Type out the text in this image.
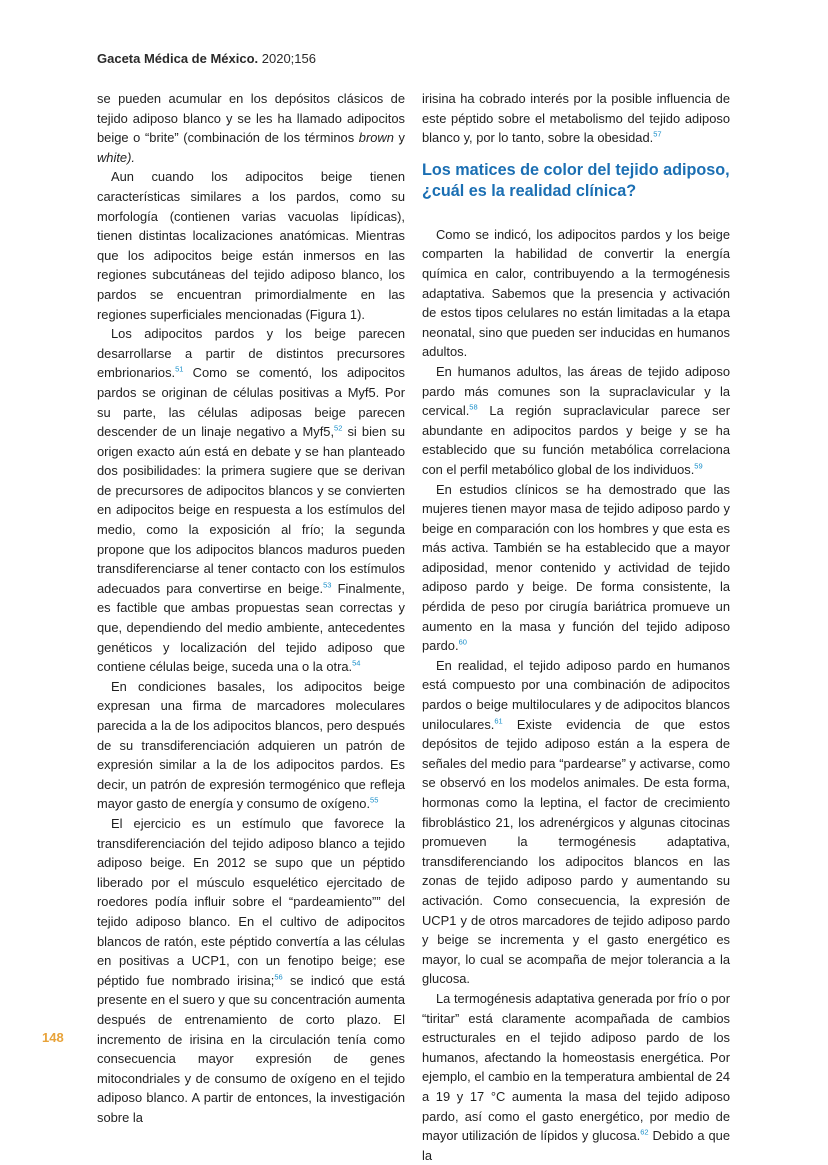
Gaceta Médica de México. 2020;156

se pueden acumular en los depósitos clásicos de tejido adiposo blanco y se les ha llamado adipocitos beige o “brite” (combinación de los términos brown y white).

Aun cuando los adipocitos beige tienen características similares a los pardos, como su morfología (contienen varias vacuolas lipídicas), tienen distintas localizaciones anatómicas. Mientras que los adipocitos beige están inmersos en las regiones subcutáneas del tejido adiposo blanco, los pardos se encuentran primordialmente en las regiones superficiales mencionadas (Figura 1).

Los adipocitos pardos y los beige parecen desarrollarse a partir de distintos precursores embrionarios.$^{51}$ Como se comentó, los adipocitos pardos se originan de células positivas a Myf5. Por su parte, las células adiposas beige parecen descender de un linaje negativo a Myf5,52 si bien su origen exacto aún está en debate y se han planteado dos posibilidades: la primera sugiere que se derivan de precursores de adipocitos blancos y se convierten en adipocitos beige en respuesta a los estímulos del medio, como la exposición al frío; la segunda propone que los adipocitos blancos maduros pueden transdiferenciarse al tener contacto con los estímulos adecuados para convertirse en beige.$^{53}$ Finalmente, es factible que ambas propuestas sean correctas y que, dependiendo del medio ambiente, antecedentes genéticos y localización del tejido adiposo que contiene células beige, suceda una o la otra.$^{54}$

En condiciones basales, los adipocitos beige expresan una firma de marcadores moleculares parecida a la de los adipocitos blancos, pero después de su transdiferenciación adquieren un patrón de expresión similar a la de los adipocitos pardos. Es decir, un patrón de expresión termogénico que refleja mayor gasto de energía y consumo de oxígeno.$^{55}$

El ejercicio es un estímulo que favorece la transdiferenciación del tejido adiposo blanco a tejido adiposo beige. En 2012 se supo que un péptido liberado por el músculo esquelético ejercitado de roedores podía influir sobre el “pardeamiento”” del tejido adiposo blanco. En el cultivo de adipocitos blancos de ratón, este péptido convertía a las células en positivas a UCP1, con un fenotipo beige; ese péptido fue nombrado irisina;$^{56}$ se indicó que está presente en el suero y que su concentración aumenta después de entrenamiento de corto plazo. El incremento de irisina en la circulación tenía como consecuencia mayor expresión de genes mitocondriales y de consumo de oxígeno en el tejido adiposo blanco. A partir de entonces, la investigación sobre la

irisina ha cobrado interés por la posible influencia de este péptido sobre el metabolismo del tejido adiposo blanco y, por lo tanto, sobre la obesidad.$^{57}$

Los matices de color del tejido adiposo, ¿cuál es la realidad clínica?

Como se indicó, los adipocitos pardos y los beige comparten la habilidad de convertir la energía química en calor, contribuyendo a la termogénesis adaptativa. Sabemos que la presencia y activación de estos tipos celulares no están limitadas a la etapa neonatal, sino que pueden ser inducidas en humanos adultos.

En humanos adultos, las áreas de tejido adiposo pardo más comunes son la supraclavicular y la cervical.$^{58}$ La región supraclavicular parece ser abundante en adipocitos pardos y beige y se ha establecido que su función metabólica correlaciona con el perfil metabólico global de los individuos.$^{59}$

En estudios clínicos se ha demostrado que las mujeres tienen mayor masa de tejido adiposo pardo y beige en comparación con los hombres y que esta es más activa. También se ha establecido que a mayor adiposidad, menor contenido y actividad de tejido adiposo pardo y beige. De forma consistente, la pérdida de peso por cirugía bariátrica promueve un aumento en la masa y función del tejido adiposo pardo.$^{60}$

En realidad, el tejido adiposo pardo en humanos está compuesto por una combinación de adipocitos pardos o beige multiloculares y de adipocitos blancos uniloculares.$^{61}$ Existe evidencia de que estos depósitos de tejido adiposo están a la espera de señales del medio para “pardearse” y activarse, como se observó en los modelos animales. De esta forma, hormonas como la leptina, el factor de crecimiento fibroblástico 21, los adrenérgicos y algunas citocinas promueven la termogénesis adaptativa, transdiferenciando los adipocitos blancos en las zonas de tejido adiposo pardo y aumentando su activación. Como consecuencia, la expresión de UCP1 y de otros marcadores de tejido adiposo pardo y beige se incrementa y el gasto energético es mayor, lo cual se acompaña de mejor tolerancia a la glucosa.

La termogénesis adaptativa generada por frío o por “tiritar” está claramente acompañada de cambios estructurales en el tejido adiposo pardo de los humanos, afectando la homeostasis energética. Por ejemplo, el cambio en la temperatura ambiental de 24 a 19 y 17 °C aumenta la masa del tejido adiposo pardo, así como el gasto energético, por medio de mayor utilización de lípidos y glucosa.$^{62}$ Debido a que la

148
